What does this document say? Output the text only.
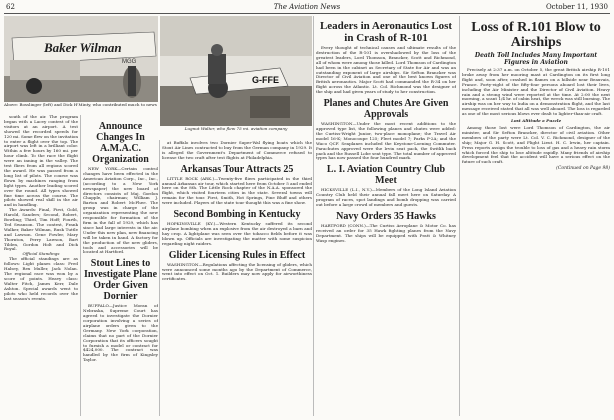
62	The Aviation News	October 11, 1930
Baker Wilman
MGG
Above: Bosslinger (left) and Dick H'Minty, who contributed much to news
G-FFE
Lugnut Walter, who flew 75 mi. aviation company

south of the air. The program began with a Lacey contest of the visitors at an airport. A test showed the recorded speeds for 120 mi. Some flew on the invitation to enter a flight over the top. The airport was left in a brilliant color. Within a few hours by 160 mi. per hour climb. To the race the flight were an inning in the valley. The test fliers from all regions scored the award. He was passed from a long list of pilots. The course was flown by machines ranging from light types. Another leading scored over the round. All types showed fine time across the course. The pilots showed real skill in the air and in handling.

The Awards: Final, First, Gold, Harold, Sanders; Second, Robert, Bowling; Third, Tim Hoff; Fourth, Ted Swanson. The contest, Frank Walker, Baker Wilman, Rusk Tuttle and Lawson. Gene Fowler, Mary Thornton, Perry Lawson, Bart Tilden, Gordon Holt and Dick Royal.

Official Standings

The official standings are as follows: Light planes class: Fred Halsey, Rex Muller, Jack Nolan. The regional race was won by a score of points. Heavy class: Walter Fitch, James Kerr, Dale Ashton. Special awards went to pilots who held records over the last season's events.

Announce Changes In A.M.A.C. Organization

NEW YORK—Certain control changes have been effected in the American Aviation Corp., Inc., Inc., (according to a New York newspaper) the new board of directors consists of Maj. Gordon Chapple, chairman; William J. Barton and Robert McPhee. The group was in charge of the organization representing the new responsible for formation of the firm in the fall of 1929, which has since had large interests in the air. Under this new plan, new financing will be taken in hand. A factory for the production of the new gliders, tools and accessories will be located at Hartford.

Stout Lines to Investigate Plane Order Given Dornier

BUFFALO—Justice Moran of Nebraska, Supreme Court has agreed to investigate the Dornier corporation involving a series of airplane orders given to the Germany. New York corporation, claims that no part of the Dornier Corporation that its officers sought to furnish a model or contract for $424,000. The contract was handled by the firm of Kingsley Taylor.

at Buffalo involves two Dornier Super-Wal flying boats which the Stout Air Lines contracted to buy from the German company in 1929. It is alleged the Government's Department of Commerce refused to license the two craft after test flights at Philadelphia.

Arkansas Tour Attracts 25

LITTLE ROCK (ARK.)—Twenty-five fliers participated in the third annual Arkansas air tour, which started here from October 5 and ended here on the 8th. The Little Rock chapter of the N.A.A. sponsored the flight, which visited fourteen cities in the state. Several towns will remain for the tour. First, Smith, Hot Springs, Pine Bluff and others were included. Players of the state tour thought this was a fine show.

Second Bombing in Kentucky

HOPKINSVILLE (KY.)—Western Kentucky suffered its second airplane bombing when an explosive from the air destroyed a barn and hay crop. A lightplane was seen over the tobacco fields before it was blown up. Officials are investigating the matter with some suspicion regarding night raiders.

Glider Licensing Rules in Effect

WASHINGTON—Regulations affecting the licensing of gliders, which were announced some months ago by the Department of Commerce, went into effect on Oct. 1. Builders may now apply for airworthiness certificates.

Leaders in Aeronautics Lost in Crash of R-101

Every thought of technical causes and ultimate results of the destruction of the R-101 is overshadowed by the loss of the greatest leaders, Lord Thomson, Brancker, Scott and Richmond, all of whom were among those killed. Lord Thomson of Cardington had been in the cabinet as Secretary of State for Air and was an outstanding exponent of large airships. Sir Sefton Brancker was Director of Civil Aviation and one of the best known figures of British aeronautics. Major Scott had commanded the R-34 on her flight across the Atlantic. Lt. Col. Richmond was the designer of the ship and had given years of study to her construction.

Planes and Chutes Are Given Approvals

WASHINGTON—Under the most recent additions to the approved type list, the following planes and chutes were added: the Curtiss-Wright Junior, two-place monoplane; the Travel Air model 16-K; Monocoupe 125; Fleet model 7; Parks P-2A; and the Waco QCF. Seaplanes included the Keystone-Loening Commuter. Parachutes approved were the Irvin seat pack, the Switlik back pack and the Russell Lobe seat type. The total number of approved types has now passed the four hundred mark.

L. I. Aviation Country Club Meet

HICKSVILLE (L.I., N.Y.)—Members of the Long Island Aviation Country Club held their annual fall meet here on Saturday. A program of races, spot landings and bomb dropping was carried out before a large crowd of members and guests.

Navy Orders 35 Hawks

HARTFORD (CONN.)—The Curtiss Aeroplane & Motor Co. has received an order for 35 Hawk fighting planes from the Navy Department. The ships will be equipped with Pratt & Whitney Wasp engines.

Loss of R.101 Blow to Airships
Death Toll Includes Many Important Figures in Aviation

Precisely at 2:37 a.m. on October 5, the great British airship R-101 broke away from her mooring mast at Cardington on its first long flight and, soon after, crashed in flames on a hillside near Beauvais, France. Forty-eight of the fifty-four persons aboard lost their lives, including the Air Minister and the Director of Civil Aviation. Heavy rain and a strong wind were reported at the time. At 2:00 the next morning, a scant 1/4 hr. of cabin heat, the wreck was still burning. The airship was on her way to India on a demonstration flight, and the last message received stated that all was well aboard. The loss is regarded as one of the most serious blows ever dealt to lighter-than-air craft.

Lost Altitude a Puzzle

Among those lost were Lord Thomson of Cardington, the air minister, and Sir Sefton Brancker, director of civil aviation. Other members of the party were Lt. Col. V. C. Richmond, designer of the ship; Major G. H. Scott, and Flight Lieut. H. C. Irwin, her captain. Press reports assign the trouble to loss of gas and a heavy rain storm which forced the ship to lose altitude rapidly. Many friends of airship development feel that the accident will have a serious effect on the future of such craft.

(Continued on Page 98)
